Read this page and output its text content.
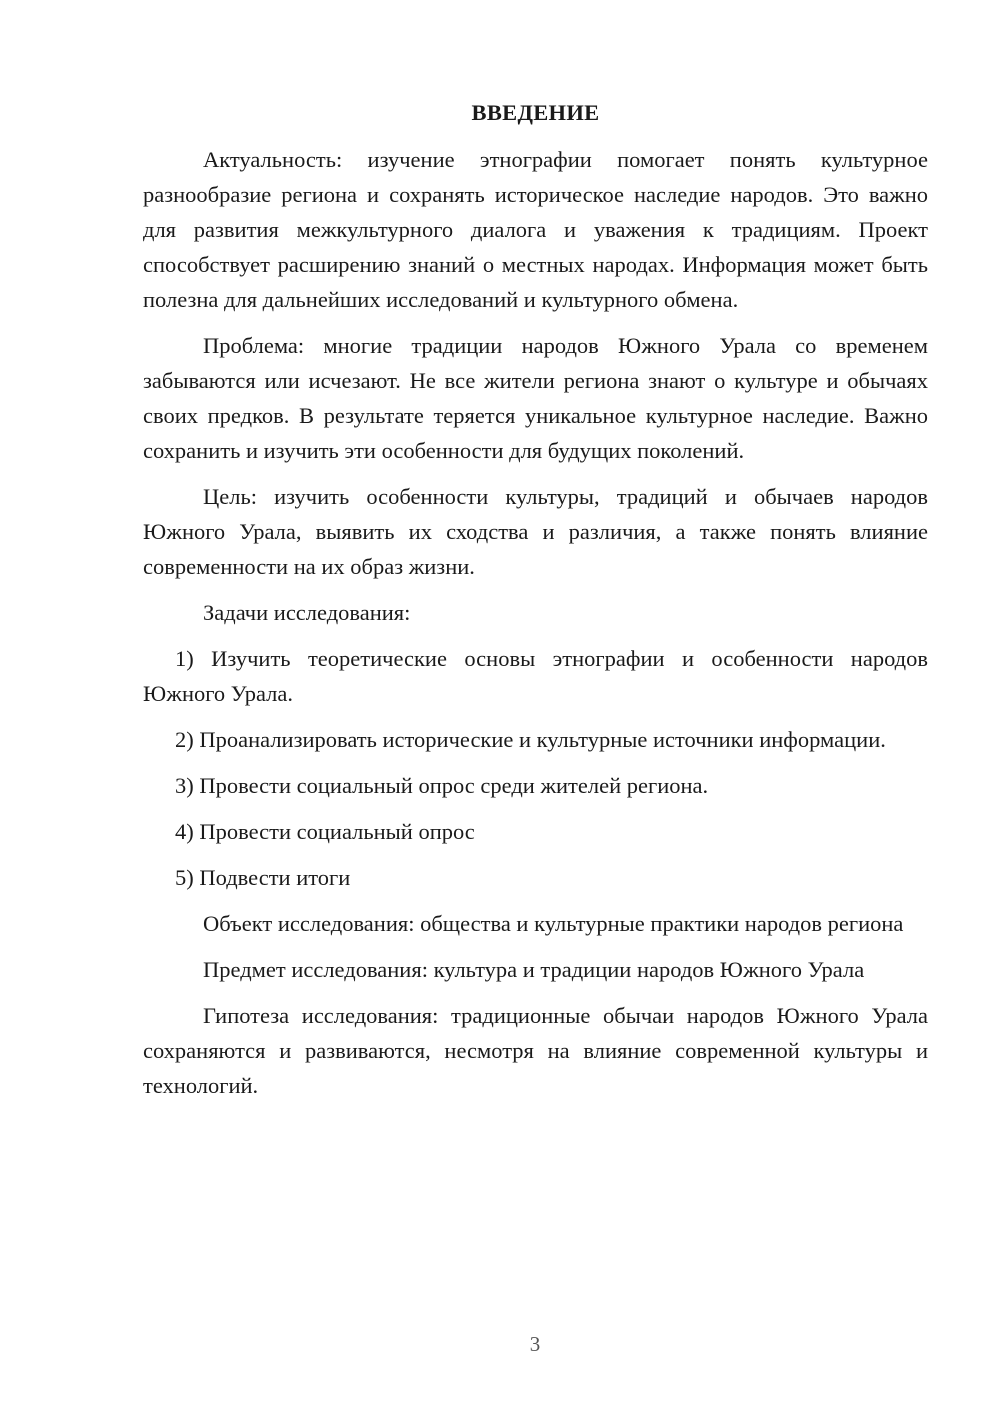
ВВЕДЕНИЕ

Актуальность: изучение этнографии помогает понять культурное разнообразие региона и сохранять историческое наследие народов. Это важно для развития межкультурного диалога и уважения к традициям. Проект способствует расширению знаний о местных народах. Информация может быть полезна для дальнейших исследований и культурного обмена.

Проблема: многие традиции народов Южного Урала со временем забываются или исчезают. Не все жители региона знают о культуре и обычаях своих предков. В результате теряется уникальное культурное наследие. Важно сохранить и изучить эти особенности для будущих поколений.

Цель: изучить особенности культуры, традиций и обычаев народов Южного Урала, выявить их сходства и различия, а также понять влияние современности на их образ жизни.

Задачи исследования:

1) Изучить теоретические основы этнографии и особенности народов Южного Урала.

2) Проанализировать исторические и культурные источники информации.

3) Провести социальный опрос среди жителей региона.

4) Провести социальный опрос

5) Подвести итоги

Объект исследования: общества и культурные практики народов региона

Предмет исследования: культура и традиции народов Южного Урала

Гипотеза исследования: традиционные обычаи народов Южного Урала сохраняются и развиваются, несмотря на влияние современной культуры и технологий.

3
